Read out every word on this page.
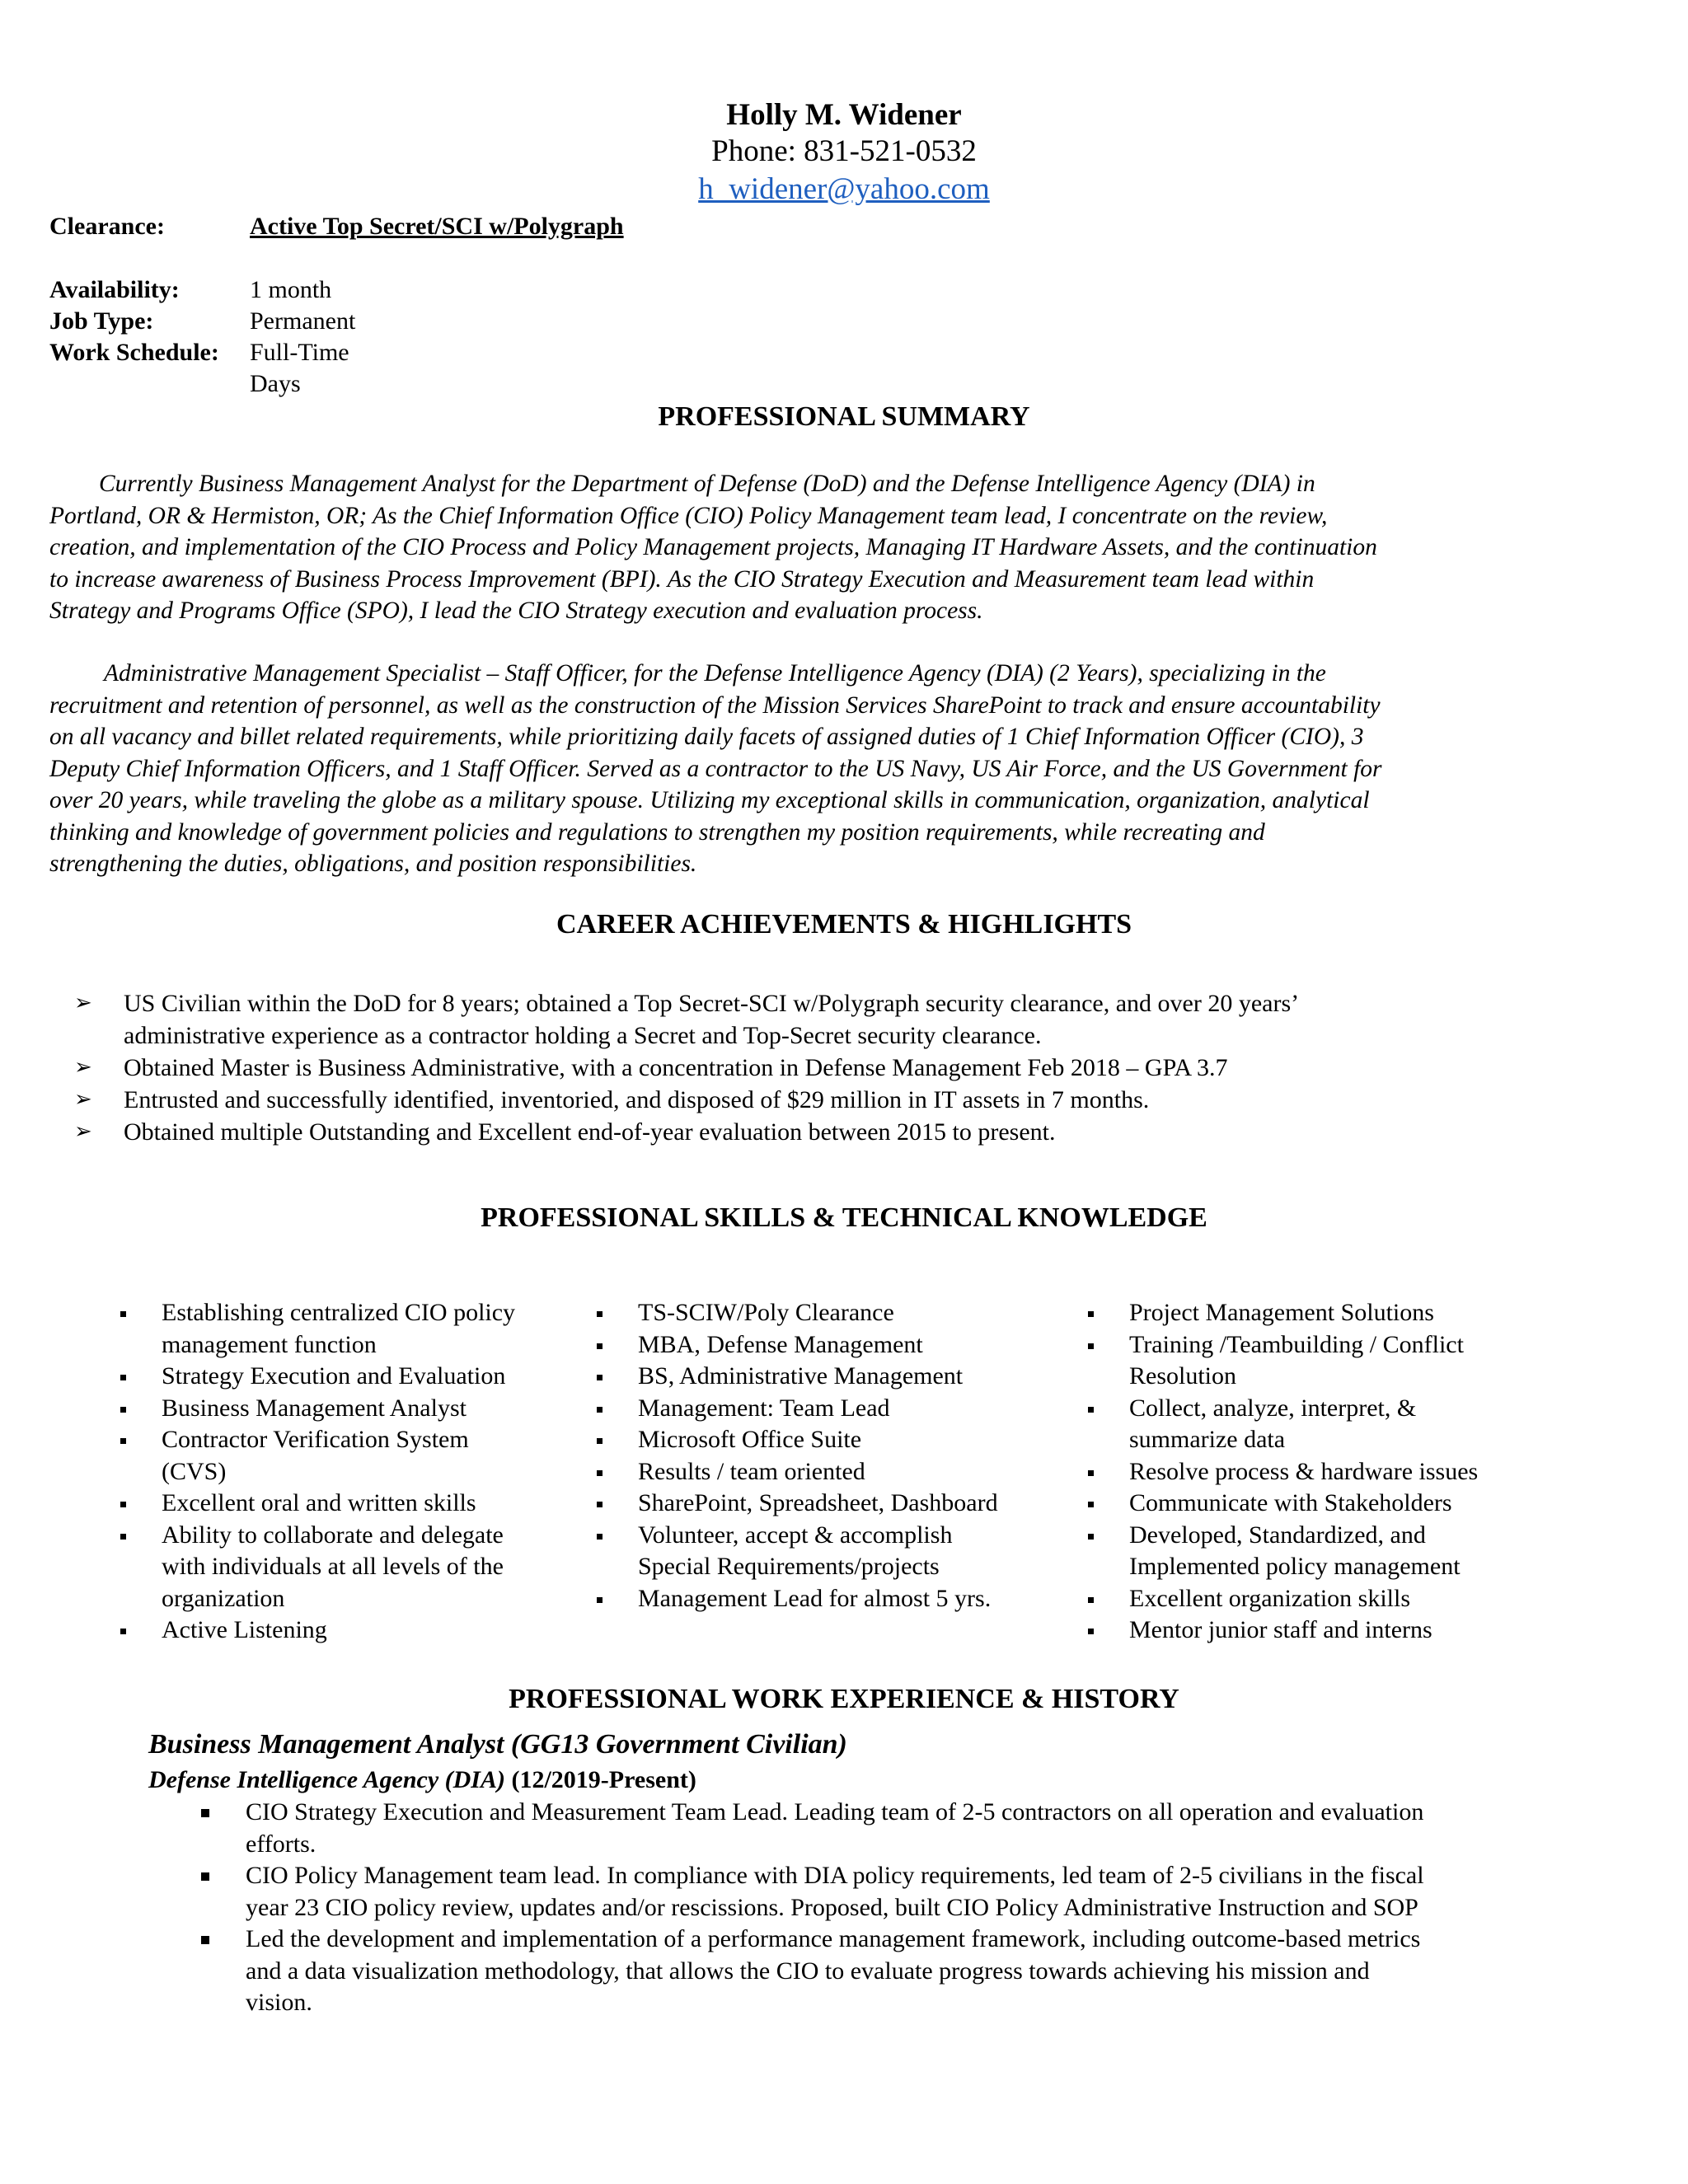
Holly M. Widener
Phone: 831-521-0532
h_widener@yahoo.com
Clearance:	Active Top Secret/SCI w/Polygraph
Availability:	1 month
Job Type:	Permanent
Work Schedule: Full-Time
Days
PROFESSIONAL SUMMARY
Currently Business Management Analyst for the Department of Defense (DoD) and the Defense Intelligence Agency (DIA) in
Portland, OR & Hermiston, OR; As the Chief Information Office (CIO) Policy Management team lead, I concentrate on the review,
creation, and implementation of the CIO Process and Policy Management projects, Managing IT Hardware Assets, and the continuation
to increase awareness of Business Process Improvement (BPI). As the CIO Strategy Execution and Measurement team lead within
Strategy and Programs Office (SPO), I lead the CIO Strategy execution and evaluation process.
Administrative Management Specialist – Staff Officer, for the Defense Intelligence Agency (DIA) (2 Years), specializing in the
recruitment and retention of personnel, as well as the construction of the Mission Services SharePoint to track and ensure accountability
on all vacancy and billet related requirements, while prioritizing daily facets of assigned duties of 1 Chief Information Officer (CIO), 3
Deputy Chief Information Officers, and 1 Staff Officer. Served as a contractor to the US Navy, US Air Force, and the US Government for
over 20 years, while traveling the globe as a military spouse. Utilizing my exceptional skills in communication, organization, analytical
thinking and knowledge of government policies and regulations to strengthen my position requirements, while recreating and
strengthening the duties, obligations, and position responsibilities.
CAREER ACHIEVEMENTS & HIGHLIGHTS
➢ US Civilian within the DoD for 8 years; obtained a Top Secret-SCI w/Polygraph security clearance, and over 20 years’
administrative experience as a contractor holding a Secret and Top-Secret security clearance.
➢ Obtained Master is Business Administrative, with a concentration in Defense Management Feb 2018 – GPA 3.7
➢ Entrusted and successfully identified, inventoried, and disposed of $29 million in IT assets in 7 months.
➢ Obtained multiple Outstanding and Excellent end-of-year evaluation between 2015 to present.
PROFESSIONAL SKILLS & TECHNICAL KNOWLEDGE
Establishing centralized CIO policy
management function
Strategy Execution and Evaluation
Business Management Analyst
Contractor Verification System
(CVS)
Excellent oral and written skills
Ability to collaborate and delegate
with individuals at all levels of the
organization
Active Listening
TS-SCIW/Poly Clearance
MBA, Defense Management
BS, Administrative Management
Management: Team Lead
Microsoft Office Suite
Results / team oriented
SharePoint, Spreadsheet, Dashboard
Volunteer, accept & accomplish
Special Requirements/projects
Management Lead for almost 5 yrs.
Project Management Solutions
Training /Teambuilding / Conflict
Resolution
Collect, analyze, interpret, &
summarize data
Resolve process & hardware issues
Communicate with Stakeholders
Developed, Standardized, and
Implemented policy management
Excellent organization skills
Mentor junior staff and interns
PROFESSIONAL WORK EXPERIENCE & HISTORY
Business Management Analyst (GG13 Government Civilian)
Defense Intelligence Agency (DIA) (12/2019-Present)
CIO Strategy Execution and Measurement Team Lead. Leading team of 2-5 contractors on all operation and evaluation
efforts.
CIO Policy Management team lead. In compliance with DIA policy requirements, led team of 2-5 civilians in the fiscal
year 23 CIO policy review, updates and/or rescissions. Proposed, built CIO Policy Administrative Instruction and SOP
Led the development and implementation of a performance management framework, including outcome-based metrics
and a data visualization methodology, that allows the CIO to evaluate progress towards achieving his mission and
vision.
